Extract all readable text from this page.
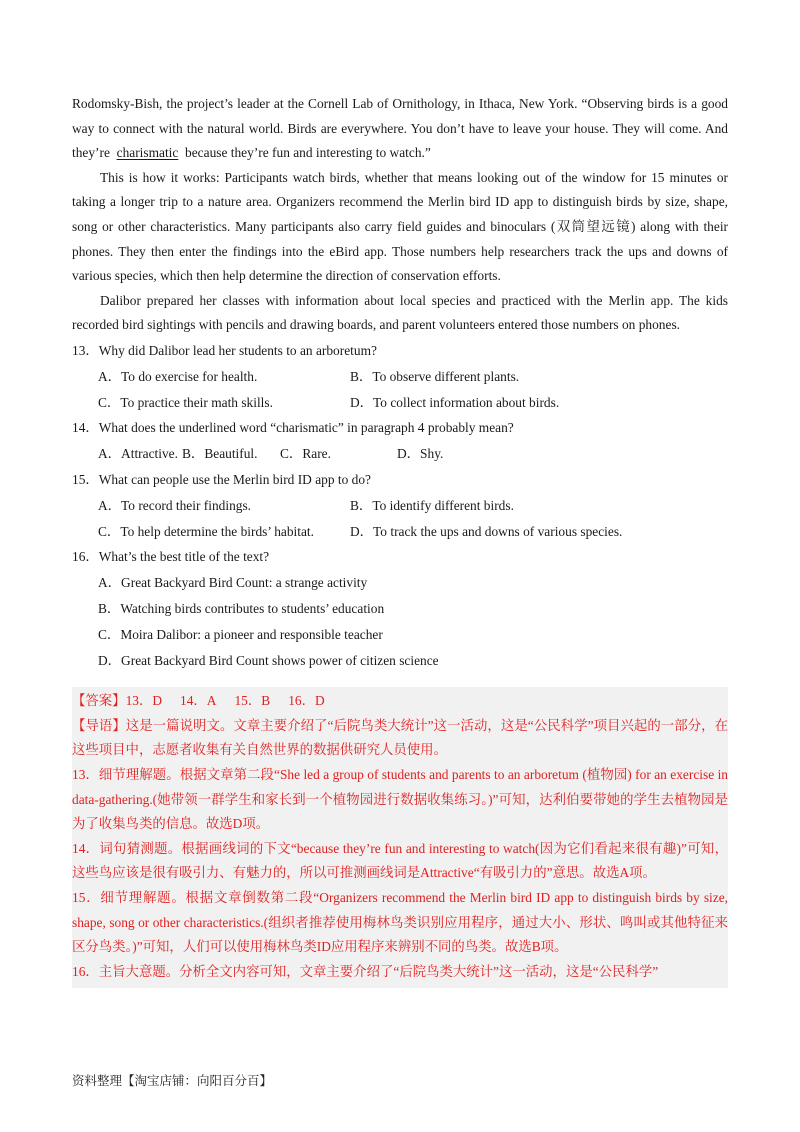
Rodomsky-Bish, the project’s leader at the Cornell Lab of Ornithology, in Ithaca, New York. “Observing birds is a good way to connect with the natural world. Birds are everywhere. You don’t have to leave your house. They will come. And they’re charismatic because they’re fun and interesting to watch.”

This is how it works: Participants watch birds, whether that means looking out of the window for 15 minutes or taking a longer trip to a nature area. Organizers recommend the Merlin bird ID app to distinguish birds by size, shape, song or other characteristics. Many participants also carry field guides and binoculars (双筒望远镜) along with their phones. They then enter the findings into the eBird app. Those numbers help researchers track the ups and downs of various species, which then help determine the direction of conservation efforts.

Dalibor prepared her classes with information about local species and practiced with the Merlin app. The kids recorded bird sightings with pencils and drawing boards, and parent volunteers entered those numbers on phones.

13．Why did Dalibor lead her students to an arboretum?
A．To do exercise for health.	B．To observe different plants.
C．To practice their math skills.	D．To collect information about birds.
14．What does the underlined word “charismatic” in paragraph 4 probably mean?
A．Attractive. B．Beautiful.	C．Rare.	D．Shy.
15．What can people use the Merlin bird ID app to do?
A．To record their findings.	B．To identify different birds.
C．To help determine the birds’ habitat.	D．To track the ups and downs of various species.
16．What’s the best title of the text?
A．Great Backyard Bird Count: a strange activity
B．Watching birds contributes to students’ education
C．Moira Dalibor: a pioneer and responsible teacher
D．Great Backyard Bird Count shows power of citizen science

【答案】13．D 14．A 15．B 16．D

【导语】这是一篇说明文。文章主要介绍了“后院鸟类大统计”这一活动，这是“公民科学”项目兴起的一部分，在这些项目中，志愿者收集有关自然世界的数据供研究人员使用。

13．细节理解题。根据文章第二段“She led a group of students and parents to an arboretum (植物园) for an exercise in data-gathering.(她带领一群学生和家长到一个植物园进行数据收集练习。)”可知，达利伯要带她的学生去植物园是为了收集鸟类的信息。故选D项。

14．词句猜测题。根据画线词的下文“because they’re fun and interesting to watch(因为它们看起来很有趣)”可知，这些鸟应该是很有吸引力、有魅力的，所以可推测画线词是Attractive“有吸引力的”意思。故选A项。

15．细节理解题。根据文章倒数第二段“Organizers recommend the Merlin bird ID app to distinguish birds by size, shape, song or other characteristics.(组织者推荐使用梅林鸟类识别应用程序，通过大小、形状、鸣叫或其他特征来区分鸟类。)”可知，人们可以使用梅林鸟类ID应用程序来辨别不同的鸟类。故选B项。

16．主旨大意题。分析全文内容可知，文章主要介绍了“后院鸟类大统计”这一活动，这是“公民科学”

资料整理【淘宝店铺：向阳百分百】
